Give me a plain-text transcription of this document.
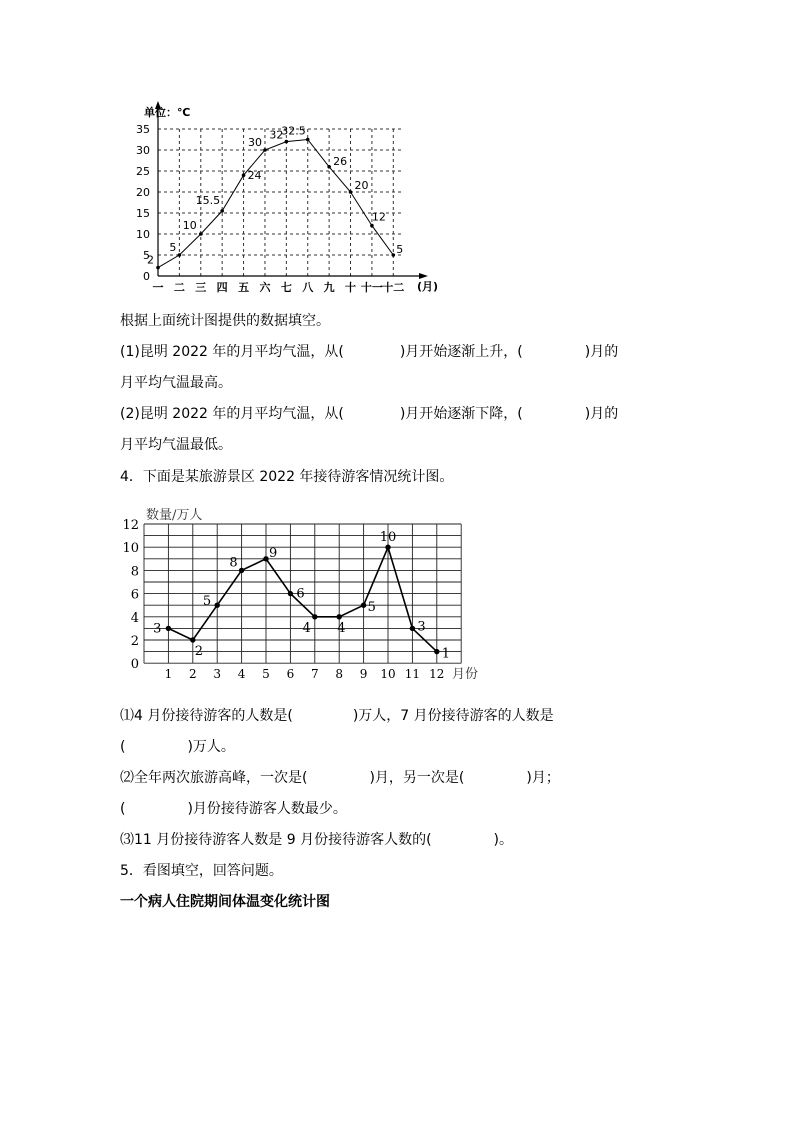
0
5
10
15
20
25
30
35
一 二 三 四 五 六 七 八 九 十 十一 十二
2
5
10
15.5
24
30
32
32.5
26
20
12
5
单位：℃
(月)
根据上面统计图提供的数据填空。
(1)昆明 2022 年的月平均气温，从(	)月开始逐渐上升，(	)月的
月平均气温最高。
(2)昆明 2022 年的月平均气温，从(	)月开始逐渐下降，(	)月的
月平均气温最低。
4．下面是某旅游景区 2022 年接待游客情况统计图。
0
2
4
6
8
10
12
1 2 3 4 5 6 7 8 9 10 11 12
3
2
5
8
9
6
4 4
5
10
3
1
数量/万人
月份
⑴4 月份接待游客的人数是(	)万人，7 月份接待游客的人数是
(	)万人。
⑵全年两次旅游高峰，一次是(	)月，另一次是(	)月；
(	)月份接待游客人数最少。
⑶11 月份接待游客人数是 9 月份接待游客人数的(	)。
5．看图填空，回答问题。
一个病人住院期间体温变化统计图
